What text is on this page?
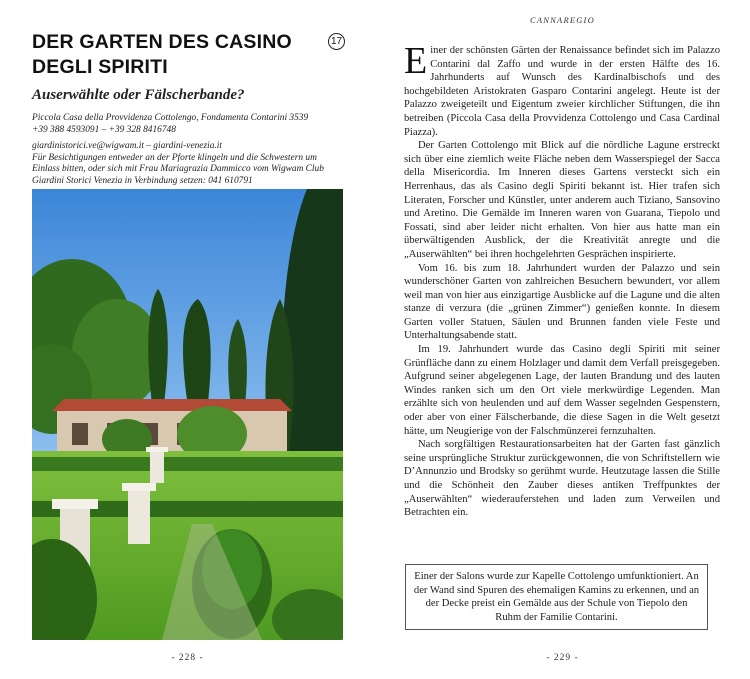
DER GARTEN DES CASINO DEGLI SPIRITI
17
Auserwählte oder Fälscherbande?
Piccola Casa della Provvidenza Cottolengo, Fondamenta Contarini 3539
+39 388 4593091 – +39 328 8416748
giardinistorici.ve@wigwam.it – giardini-venezia.it
Für Besichtigungen entweder an der Pforte klingeln und die Schwestern um
Einlass bitten, oder sich mit Frau Mariagrazia Dammicco vom Wigwam Club
Giardini Storici Venezia in Verbindung setzen: 041 610791
- 228 -
CANNAREGIO

Einer der schönsten Gärten der Renaissance befindet sich im Palazzo Contarini dal Zaffo und wurde in der ersten Hälfte des 16. Jahrhunderts auf Wunsch des Kardinalbischofs und des hochgebildeten Aristokraten Gasparo Contarini angelegt. Heute ist der Palazzo zweigeteilt und Eigentum zweier kirchlicher Stiftungen, die ihn betreiben (Piccola Casa della Provvidenza Cottolengo und Casa Cardinal Piazza).

Der Garten Cottolengo mit Blick auf die nördliche Lagune erstreckt sich über eine ziemlich weite Fläche neben dem Wasserspiegel der Sacca della Misericordia. Im Inneren dieses Gartens versteckt sich ein Herrenhaus, das als Casino degli Spiriti bekannt ist. Hier trafen sich Literaten, Forscher und Künstler, unter anderem auch Tiziano, Sansovino und Aretino. Die Gemälde im Inneren waren von Guarana, Tiepolo und Fossati, sind aber leider nicht erhalten. Von hier aus hatte man ein überwältigenden Ausblick, der die Kreativität anregte und die „Auserwählten“ bei ihren hochgelehrten Gesprächen inspirierte.

Vom 16. bis zum 18. Jahrhundert wurden der Palazzo und sein wunderschöner Garten von zahlreichen Besuchern bewundert, vor allem weil man von hier aus einzigartige Ausblicke auf die Lagune und die alten stanze di verzura (die „grünen Zimmer“) genießen konnte. In diesem Garten voller Statuen, Säulen und Brunnen fanden viele Feste und Unterhaltungsabende statt.

Im 19. Jahrhundert wurde das Casino degli Spiriti mit seiner Grünfläche dann zu einem Holzlager und damit dem Verfall preisgegeben. Aufgrund seiner abgelegenen Lage, der lauten Brandung und des lauten Windes ranken sich um den Ort viele merkwürdige Legenden. Man erzählte sich von heulenden und auf dem Wasser segelnden Gespenstern, oder aber von einer Fälscherbande, die diese Sagen in die Welt gesetzt hätte, um Neugierige von der Falschmünzerei fernzuhalten.

Nach sorgfältigen Restaurationsarbeiten hat der Garten fast gänzlich seine ursprüngliche Struktur zurückgewonnen, die von Schriftstellern wie D’Annunzio und Brodsky so gerühmt wurde. Heutzutage lassen die Stille und die Schönheit den Zauber dieses antiken Treffpunktes der „Auserwählten“ wiederauferstehen und laden zum Verweilen und Betrachten ein.

Einer der Salons wurde zur Kapelle Cottolengo umfunktioniert. An der Wand sind Spuren des ehemaligen Kamins zu erkennen, und an der Decke preist ein Gemälde aus der Schule von Tiepolo den Ruhm der Familie Contarini.
- 229 -
